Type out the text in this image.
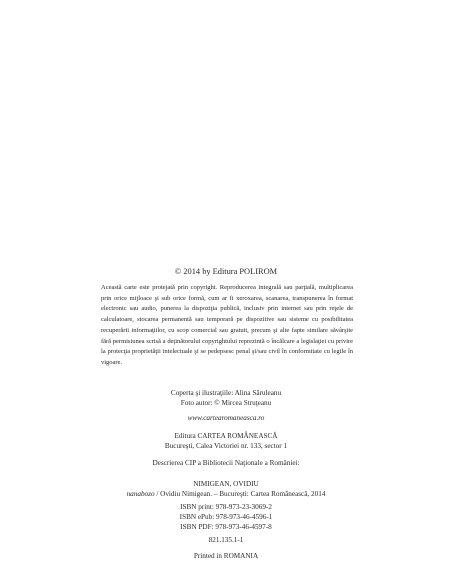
© 2014 by Editura POLIROM
Această carte este protejată prin copyright. Reproducerea integrală sau parţială, multiplicarea prin orice mijloace şi sub orice formă, cum ar fi xeroxarea, scanarea, transpunerea în format electronic sau audio, punerea la dispoziţia publică, inclusiv prin internet sau prin reţele de calculatoare, stocarea permanentă sau temporară pe dispozitive sau sisteme cu posibilitatea recuperării informaţiilor, cu scop comercial sau gratuit, precum şi alte fapte similare săvârşite fără permisiunea scrisă a deţinătorului copyrightului reprezintă o încălcare a legislaţiei cu privire la protecţia proprietăţii intelectuale şi se pedepsesc penal şi/sau civil în conformitate cu legile în vigoare.
Coperta şi ilustraţiile: Alina Săruleanu
Foto autor: © Mircea Struţeanu
www.cartearomaneasca.ro
Editura CARTEA ROMÂNEASCĂ
Bucureşti, Calea Victoriei nr. 133, sector 1
Descrierea CIP a Bibliotecii Naţionale a României:
NIMIGEAN, OVIDIU
nanabozo / Ovidiu Nimigean. – Bucureşti: Cartea Românească, 2014
ISBN print: 978-973-23-3069-2
ISBN ePub: 978-973-46-4596-1
ISBN PDF: 978-973-46-4597-8
821.135.1-1
Printed in ROMANIA
